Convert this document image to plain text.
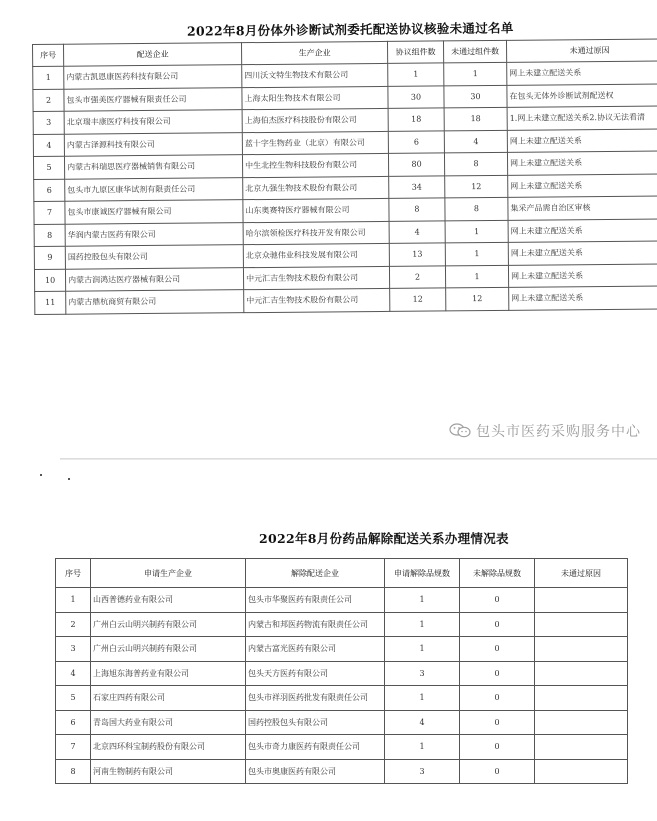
2022年8月份体外诊断试剂委托配送协议核验未通过名单
序号	配送企业	生产企业	协议组件数	未通过组件数	未通过原因
1	内蒙古凯恩康医药科技有限公司	四川沃文特生物技术有限公司	1	1	网上未建立配送关系
2	包头市强美医疗器械有限责任公司	上海太阳生物技术有限公司	30	30	在包头无体外诊断试剂配送权
3	北京瑞丰康医疗科技有限公司	上海伯杰医疗科技股份有限公司	18	18	1.网上未建立配送关系2.协议无法看清
4	内蒙古泽源科技有限公司	蓝十字生物药业（北京）有限公司	6	4	网上未建立配送关系
5	内蒙古科瑞思医疗器械销售有限公司	中生北控生物科技股份有限公司	80	8	网上未建立配送关系
6	包头市九原区康华试剂有限责任公司	北京九强生物技术股份有限公司	34	12	网上未建立配送关系
7	包头市康诚医疗器械有限公司	山东奥赛特医疗器械有限公司	8	8	集采产品需自治区审核
8	华润内蒙古医药有限公司	哈尔滨领检医疗科技开发有限公司	4	1	网上未建立配送关系
9	国药控股包头有限公司	北京众驰伟业科技发展有限公司	13	1	网上未建立配送关系
10	内蒙古润鸿达医疗器械有限公司	中元汇吉生物技术股份有限公司	2	1	网上未建立配送关系
11	内蒙古鼎杭商贸有限公司	中元汇吉生物技术股份有限公司	12	12	网上未建立配送关系
包头市医药采购服务中心
2022年8月份药品解除配送关系办理情况表
序号	申请生产企业	解除配送企业	申请解除品规数	未解除品规数	未通过原因
1	山西普德药业有限公司	包头市华聚医药有限责任公司	1	0	
2	广州白云山明兴制药有限公司	内蒙古和邦医药物流有限责任公司	1	0	
3	广州白云山明兴制药有限公司	内蒙古富光医药有限公司	1	0	
4	上海旭东海普药业有限公司	包头天方医药有限公司	3	0	
5	石家庄四药有限公司	包头市祥羽医药批发有限责任公司	1	0	
6	青岛国大药业有限公司	国药控股包头有限公司	4	0	
7	北京四环科宝制药股份有限公司	包头市奇力康医药有限责任公司	1	0	
8	河南生物制药有限公司	包头市奥康医药有限公司	3	0	
